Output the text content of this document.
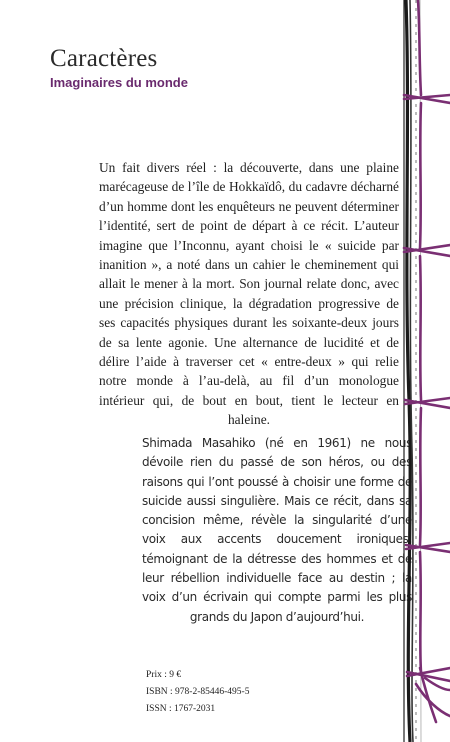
Caractères
Imaginaires du monde

Un fait divers réel : la découverte, dans une plaine marécageuse de l’île de Hokkaïdô, du cadavre décharné d’un homme dont les enquêteurs ne peuvent déterminer l’identité, sert de point de départ à ce récit. L’auteur imagine que l’Inconnu, ayant choisi le « suicide par inanition », a noté dans un cahier le cheminement qui allait le mener à la mort. Son journal relate donc, avec une précision clinique, la dégradation progressive de ses capacités physiques durant les soixante-deux jours de sa lente agonie. Une alternance de lucidité et de délire l’aide à traverser cet « entre-deux » qui relie notre monde à l’au-delà, au fil d’un monologue intérieur qui, de bout en bout, tient le lecteur en haleine.

Shimada Masahiko (né en 1961) ne nous dévoile rien du passé de son héros, ou des raisons qui l’ont poussé à choisir une forme de suicide aussi singulière. Mais ce récit, dans sa concision même, révèle la singularité d’une voix aux accents doucement ironiques, témoignant de la détresse des hommes et de leur rébellion individuelle face au destin ; la voix d’un écrivain qui compte parmi les plus grands du Japon d’aujourd’hui.

Prix : 9 €
ISBN : 978-2-85446-495-5
ISSN : 1767-2031
